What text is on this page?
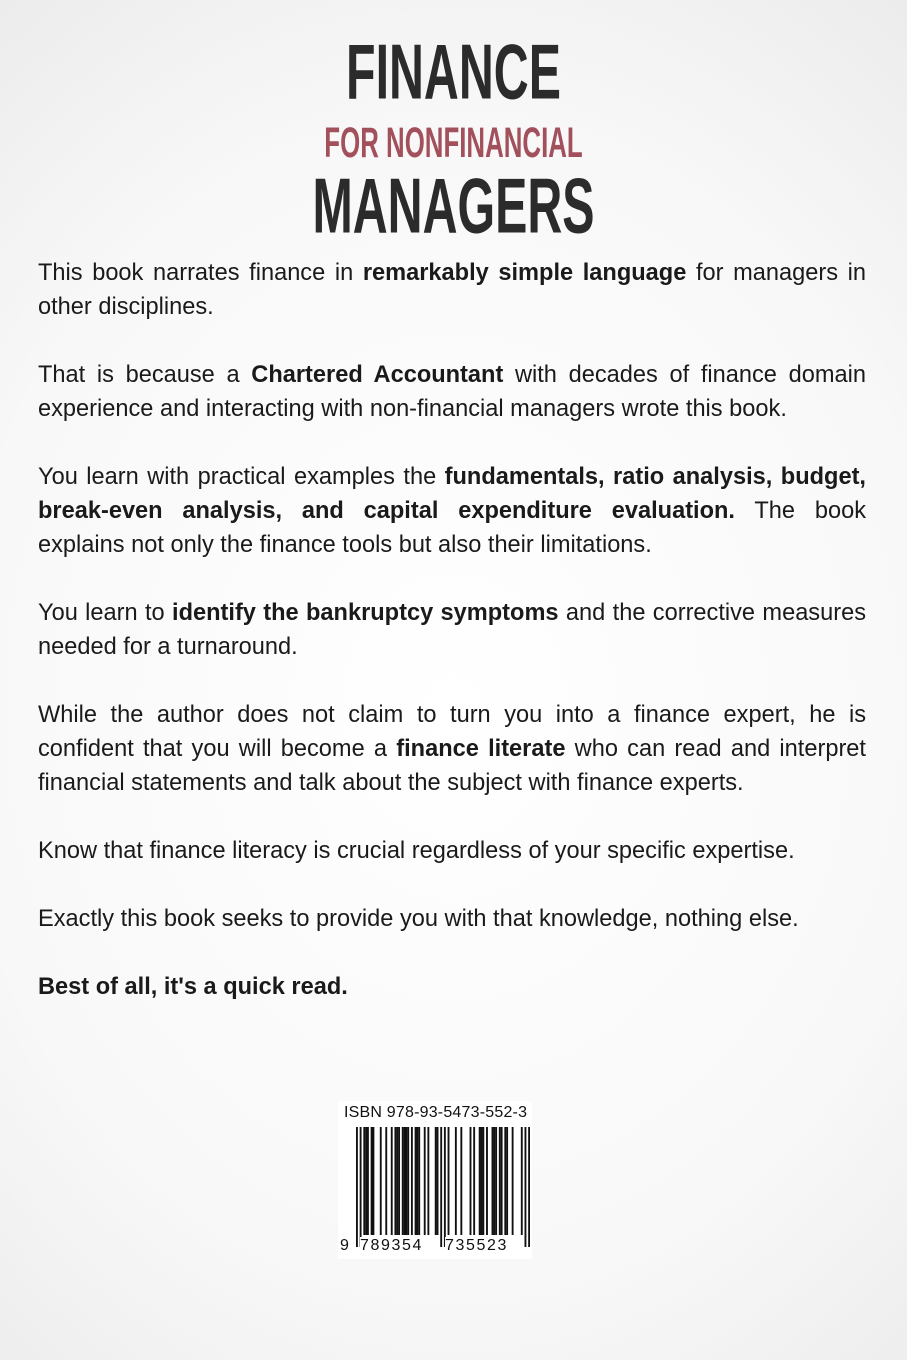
FINANCE
FOR NONFINANCIAL
MANAGERS

This book narrates finance in remarkably simple language for managers in other disciplines.

That is because a Chartered Accountant with decades of finance domain experience and interacting with non-financial managers wrote this book.

You learn with practical examples the fundamentals, ratio analysis, budget, break-even analysis, and capital expenditure evaluation. The book explains not only the finance tools but also their limitations.

You learn to identify the bankruptcy symptoms and the corrective measures needed for a turnaround.

While the author does not claim to turn you into a finance expert, he is confident that you will become a finance literate who can read and interpret financial statements and talk about the subject with finance experts.

Know that finance literacy is crucial regardless of your specific expertise.

Exactly this book seeks to provide you with that knowledge, nothing else.

Best of all, it's a quick read.

ISBN 978-93-5473-552-3
9 789354 735523
